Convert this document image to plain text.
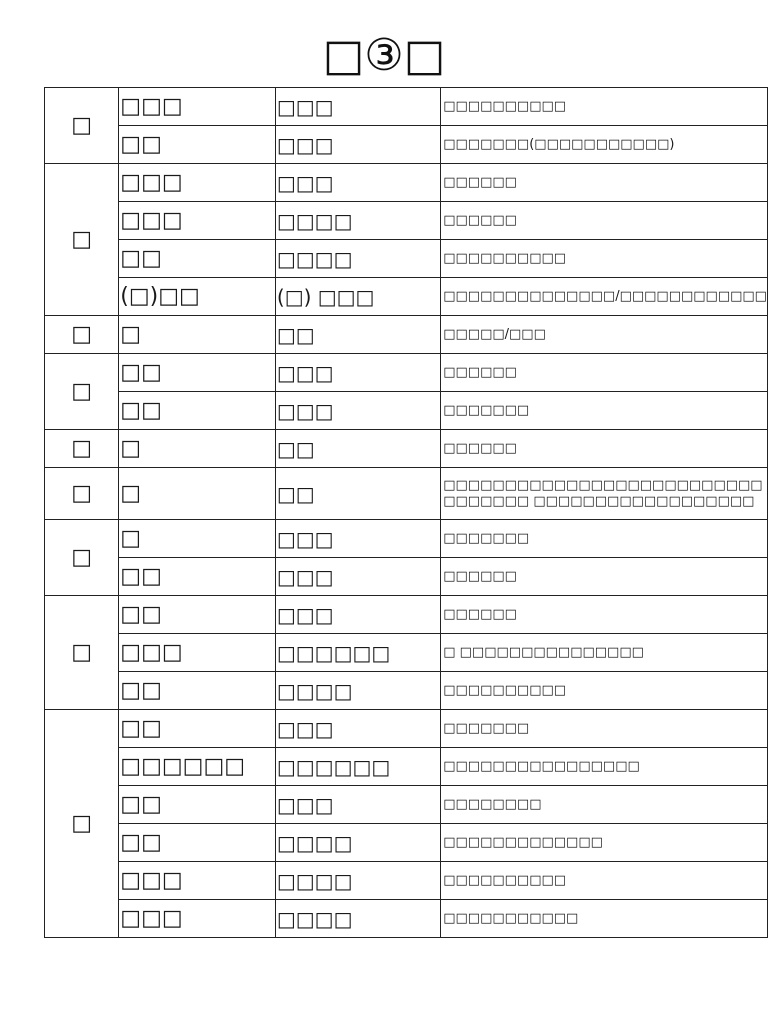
□③□
□	□□□	□□□	□□□□□□□□□□
	□□	□□□	□□□□□□□(□□□□□□□□□□□)
□	□□□	□□□	□□□□□□
	□□□	□□□□	□□□□□□
	□□	□□□□	□□□□□□□□□□
	(□)□□	(□) □□□	□□□□□□□□□□□□□□/□□□□□□□□□□□□
□	□	□□	□□□□□/□□□
□	□□	□□□	□□□□□□
	□□	□□□	□□□□□□□
□	□	□□	□□□□□□
□	□	□□	□□□□□□□□□□□□□□□□□□□□□□□□□□□□□□□□□ □□□□□□□□□□□□□□□□□□
□	□	□□□	□□□□□□□
	□□	□□□	□□□□□□
□	□□	□□□	□□□□□□
	□□□	□□□□□□	□ □□□□□□□□□□□□□□□
	□□	□□□□	□□□□□□□□□□
□	□□	□□□	□□□□□□□
	□□□□□□	□□□□□□	□□□□□□□□□□□□□□□□
	□□	□□□	□□□□□□□□
	□□	□□□□	□□□□□□□□□□□□□
	□□□	□□□□	□□□□□□□□□□
	□□□	□□□□	□□□□□□□□□□□
